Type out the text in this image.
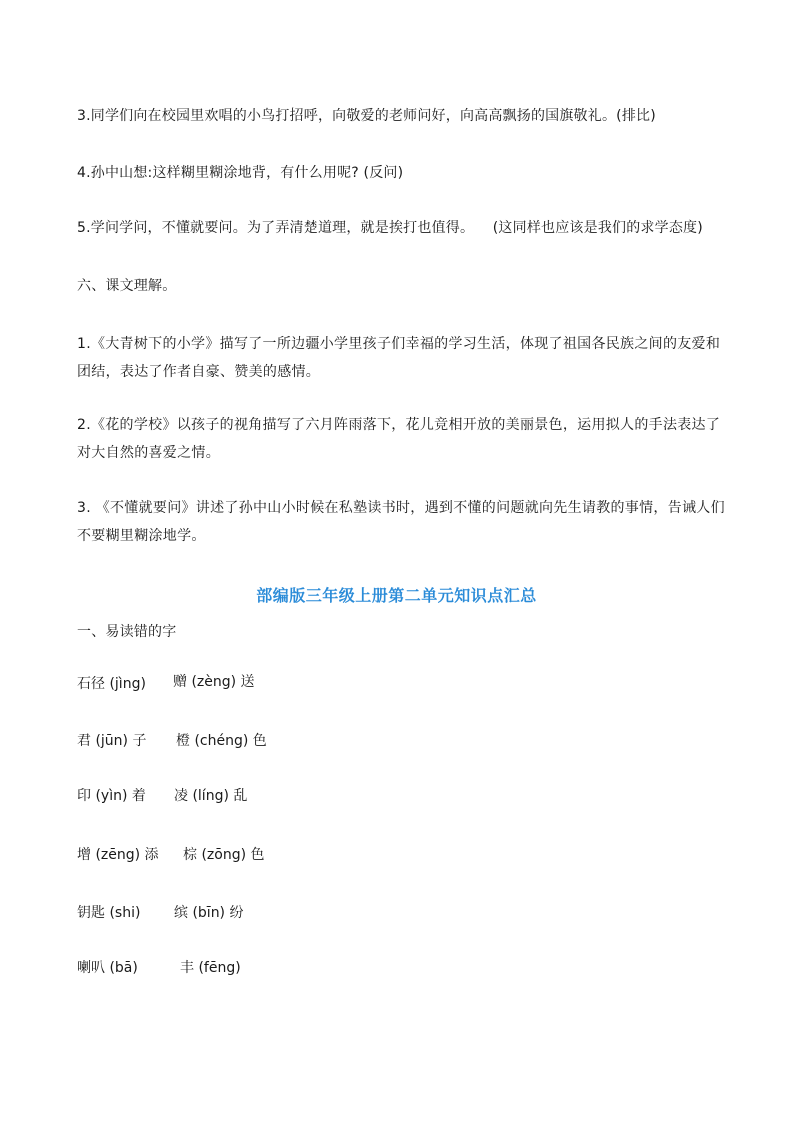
3.同学们向在校园里欢唱的小鸟打招呼，向敬爱的老师问好，向高高飘扬的国旗敬礼。(排比)
4.孙中山想:这样糊里糊涂地背，有什么用呢? (反问)
5.学问学问，不懂就要问。为了弄清楚道理，就是挨打也值得。    (这同样也应该是我们的求学态度)
六、课文理解。
1.《大青树下的小学》描写了一所边疆小学里孩子们幸福的学习生活，体现了祖国各民族之间的友爱和团结，表达了作者自豪、赞美的感情。
2.《花的学校》以孩子的视角描写了六月阵雨落下，花儿竞相开放的美丽景色，运用拟人的手法表达了对大自然的喜爱之情。
3. 《不懂就要问》讲述了孙中山小时候在私塾读书时，遇到不懂的问题就向先生请教的事情，告诫人们不要糊里糊涂地学。
部编版三年级上册第二单元知识点汇总
一、易读错的字
石径 (jìng) 赠 (zèng) 送
君 (jūn) 子 橙 (chéng) 色
印 (yìn) 着 凌 (líng) 乱
增 (zēng) 添 棕 (zōng) 色
钥匙 (shi) 缤 (bīn) 纷
喇叭 (bā)	丰 (fēng)
